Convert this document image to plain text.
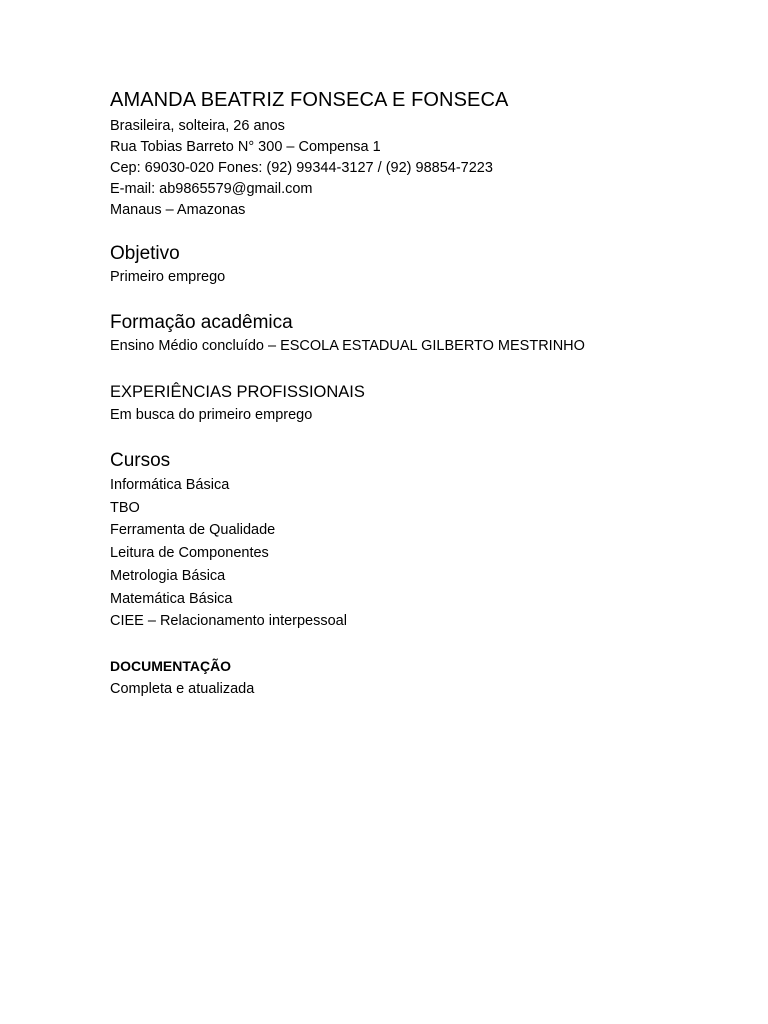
AMANDA BEATRIZ FONSECA E FONSECA
Brasileira, solteira, 26 anos
Rua Tobias Barreto N° 300 – Compensa 1
Cep: 69030-020 Fones: (92) 99344-3127 / (92) 98854-7223
E-mail: ab9865579@gmail.com
Manaus – Amazonas
Objetivo
Primeiro emprego
Formação acadêmica
Ensino Médio concluído – ESCOLA ESTADUAL GILBERTO MESTRINHO
EXPERIÊNCIAS PROFISSIONAIS
Em busca do primeiro emprego
Cursos
Informática Básica
TBO
Ferramenta de Qualidade
Leitura de Componentes
Metrologia Básica
Matemática Básica
CIEE – Relacionamento interpessoal
DOCUMENTAÇÃO
Completa e atualizada
